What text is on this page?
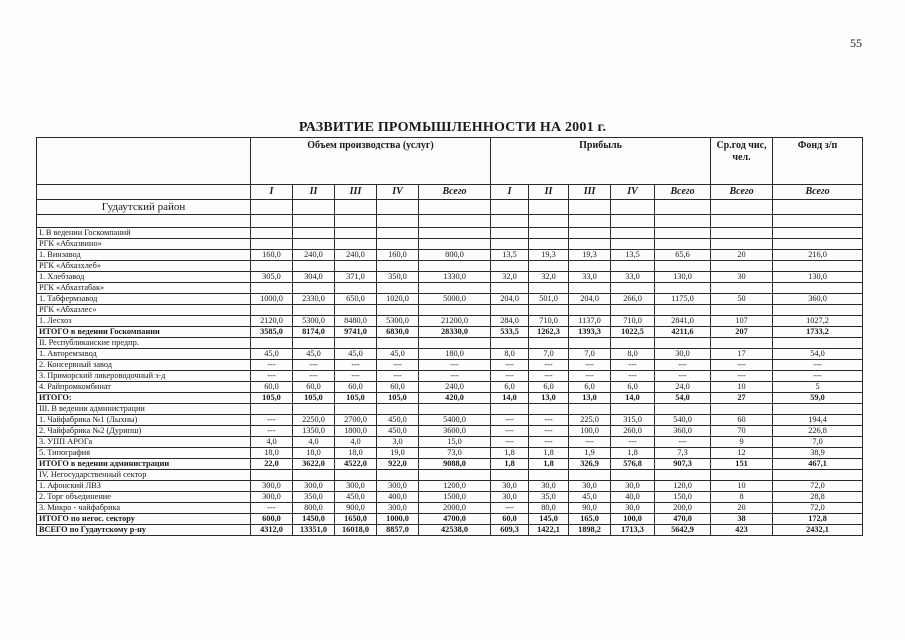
55
РАЗВИТИЕ ПРОМЫШЛЕННОСТИ НА 2001 г.
	Объем производства (услуг)					Прибыль					Ср.год чис, чел.	Фонд з/п
	I	II	III	IV	Всего	I	II	III	IV	Всего	Всего	Всего
Гудаутский район												

I. В ведении Госкомпаний												
РГК «Абхазвино»												
1. Винзавод	160,0	240,0	240,0	160,0	800,0	13,5	19,3	19,3	13,5	65,6	20	216,0
РГК «Абхазхлеб»												
1. Хлебзавод	305,0	304,0	371,0	350,0	1330,0	32,0	32,0	33,0	33,0	130,0	30	130,0
РГК «Абхазтабак»												
1. Табфермзавод	1000,0	2330,0	650,0	1020,0	5000,0	204,0	501,0	204,0	266,0	1175,0	50	360,0
РГК «Абхазлес»												
1. Лесхоз	2120,0	5300,0	8480,0	5300,0	21200,0	284,0	710,0	1137,0	710,0	2841,0	107	1027,2
ИТОГО в ведении Госкомпании	3585,0	8174,0	9741,0	6830,0	28330,0	533,5	1262,3	1393,3	1022,5	4211,6	207	1733,2
II. Республиканские предпр.												
1. Авторемзавод	45,0	45,0	45,0	45,0	180,0	8,0	7,0	7,0	8,0	30,0	17	54,0
2. Консервный завод	---	---	---	---	---	---	---	---	---	---	---	---
3. Приморский ликероводочный з-д	---	---	---	---	---	---	---	---	---	---	---	---
4. Райпромкомбинат	60,0	60,0	60,0	60,0	240,0	6,0	6,0	6,0	6,0	24,0	10	5
ИТОГО:	105,0	105,0	105,0	105,0	420,0	14,0	13,0	13,0	14,0	54,0	27	59,0
III. В ведении администрации												
1. Чайфабрика №1 (Лыхны)	---	2250,0	2700,0	450,0	5400,0	---	---	225,0	315,0	540,0	60	194,4
2. Чайфабрика №2 (Дурипш)	---	1350,0	1800,0	450,0	3600,0	---	---	100,0	260,0	360,0	70	226,8
3. УПП АРОГа	4,0	4,0	4,0	3,0	15,0	---	---	---	---	---	9	7,0
5. Типография	18,0	18,0	18,0	19,0	73,0	1,8	1,8	1,9	1,8	7,3	12	38,9
ИТОГО в ведении администрации	22,0	3622,0	4522,0	922,0	9088,0	1,8	1,8	326,9	576,8	907,3	151	467,1
IV. Негосударственный сектор												
1. Афонский ЛВЗ	300,0	300,0	300,0	300,0	1200,0	30,0	30,0	30,0	30,0	120,0	10	72,0
2. Торг объединение	300,0	350,0	450,0	400,0	1500,0	30,0	35,0	45,0	40,0	150,0	8	28,8
3. Микро - чайфабрика	---	800,0	900,0	300,0	2000,0	---	80,0	90,0	30,0	200,0	20	72,0
ИТОГО по негос. сектору	600,0	1450,0	1650,0	1000,0	4700,0	60,0	145,0	165,0	100,0	470,0	38	172,8
ВСЕГО по Гудаутскому р-ну	4312,0	13351,0	16018,0	8857,0	42538,0	609,3	1422,1	1898,2	1713,3	5642,9	423	2432,1
